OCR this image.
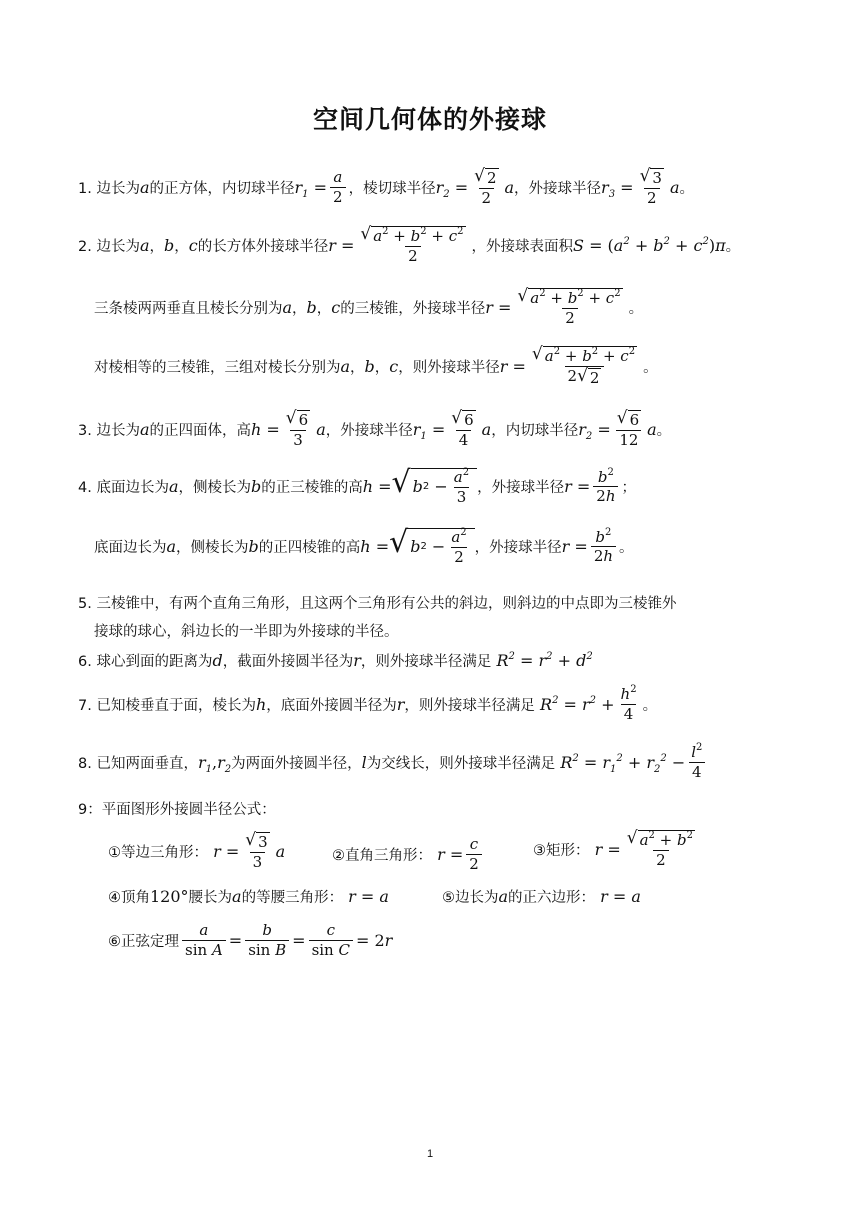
空间几何体的外接球
1. 边长为 a 的正方体，内切球半径 $r_1 = \frac{a}{2}$ ，棱切球半径 $r_2 = \frac{√ 2}{2}$ a ，外接球半径 $r_3 = \frac{√ 3}{2}$ a 。
2. 边长为 a ， b ， c 的长方体外接球半径 $r = \frac{√ a^2 + b^2 + c^2}{2}$ ，外接球表面积 $S = (a^2 + b^2 + c^2)\pi$ 。
三条棱两两垂直且棱长分别为 a ， b ， c 的三棱锥，外接球半径 $r = \frac{√ a^2 + b^2 + c^2}{2}$ 。
对棱相等的三棱锥，三组对棱长分别为 a ， b ， c ，则外接球半径 $r = \frac{√ a^2 + b^2 + c^2}{2 √ 2}$ 。
3. 边长为 a 的正四面体，高 $h = \frac{√ 6}{3}$ a ，外接球半径 $r_1 = \frac{√ 6}{4}$ a ，内切球半径 $r_2 = \frac{√ 6}{12}$ a 。
4. 底面边长为 a ，侧棱长为 b 的正三棱锥的高 h = √ b $2 - \frac{a^2}{3}$ ，外接球半径 $r = \frac{b^2}{2h}$ ；
底面边长为 a ，侧棱长为 b 的正四棱锥的高 h = √ b $2 - \frac{a^2}{2}$ ，外接球半径 $r = \frac{b^2}{2h}$ 。
5. 三棱锥中，有两个直角三角形，且这两个三角形有公共的斜边，则斜边的中点即为三棱锥外
接球的球心，斜边长的一半即为外接球的半径。
6. 球心到面的距离为 d ，截面外接圆半径为 r ，则外接球半径满足 $R^2 = r^2 + d^2$
7. 已知棱垂直于面，棱长为 h ，底面外接圆半径为 r ，则外接球半径满足 $R^2 = r^2 + \frac{h^2}{4}$ 。
8. 已知两面垂直， $r_1,r_2$ 为两面外接圆半径， l 为交线长，则外接球半径满足 $R^2 = r_1^2 + r_2^2 - \frac{l^2}{4}$
9：平面图形外接圆半径公式：
①等边三角形： $r = \frac{√ 3}{3}$ a	②直角三角形： $r = \frac{c}{2}$	③矩形： $r = \frac{√ a^2 + b^2}{2}$
④顶角 120° 腰长为 a 的等腰三角形： r = a	⑤边长为 a 的正六边形： r = a
⑥正弦定理 $\frac{a}{\text{sin A}} = \frac{b}{\text{sin B}} = \frac{c}{\text{sin C}} = 2r$
1
